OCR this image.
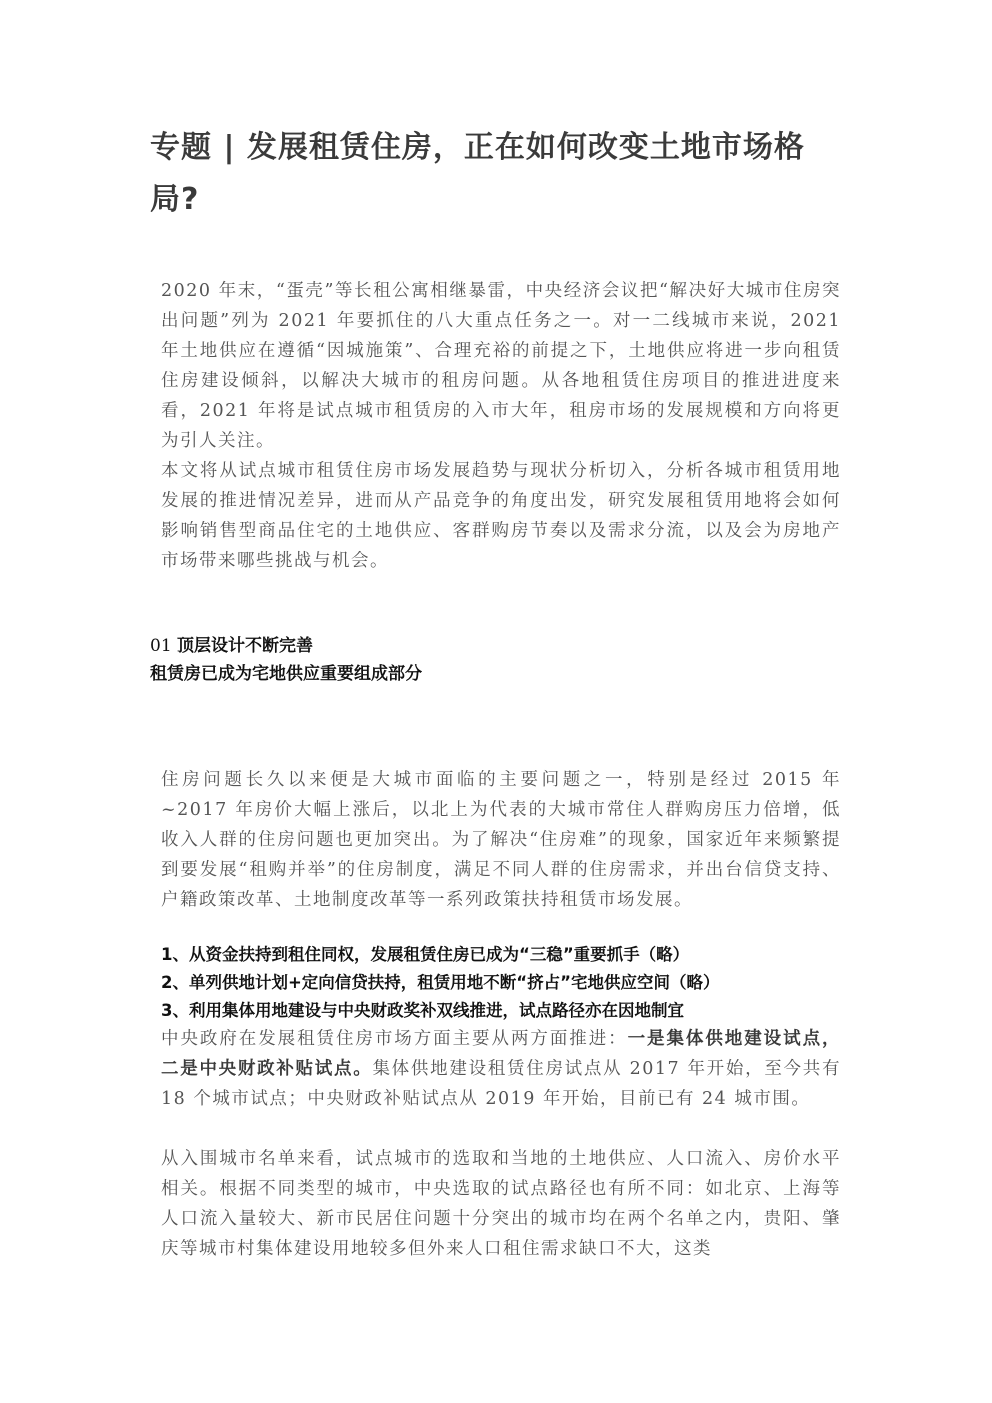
专题 | 发展租赁住房，正在如何改变土地市场格局?

2020 年末，“蛋壳”等长租公寓相继暴雷，中央经济会议把“解决好大城市住房突出问题”列为 2021 年要抓住的八大重点任务之一。对一二线城市来说，2021 年土地供应在遵循“因城施策”、合理充裕的前提之下，土地供应将进一步向租赁住房建设倾斜，以解决大城市的租房问题。从各地租赁住房项目的推进进度来看，2021 年将是试点城市租赁房的入市大年，租房市场的发展规模和方向将更为引人关注。

本文将从试点城市租赁住房市场发展趋势与现状分析切入，分析各城市租赁用地发展的推进情况差异，进而从产品竞争的角度出发，研究发展租赁用地将会如何影响销售型商品住宅的土地供应、客群购房节奏以及需求分流，以及会为房地产市场带来哪些挑战与机会。

01 顶层设计不断完善
租赁房已成为宅地供应重要组成部分

住房问题长久以来便是大城市面临的主要问题之一，特别是经过 2015 年~2017 年房价大幅上涨后，以北上为代表的大城市常住人群购房压力倍增，低收入人群的住房问题也更加突出。为了解决“住房难”的现象，国家近年来频繁提到要发展“租购并举”的住房制度，满足不同人群的住房需求，并出台信贷支持、户籍政策改革、土地制度改革等一系列政策扶持租赁市场发展。

1、从资金扶持到租住同权，发展租赁住房已成为“三稳”重要抓手（略）
2、单列供地计划+定向信贷扶持，租赁用地不断“挤占”宅地供应空间（略）
3、利用集体用地建设与中央财政奖补双线推进，试点路径亦在因地制宜

中央政府在发展租赁住房市场方面主要从两方面推进：一是集体供地建设试点，二是中央财政补贴试点。集体供地建设租赁住房试点从 2017 年开始，至今共有 18 个城市试点；中央财政补贴试点从 2019 年开始，目前已有 24 城市围。

从入围城市名单来看，试点城市的选取和当地的土地供应、人口流入、房价水平相关。根据不同类型的城市，中央选取的试点路径也有所不同：如北京、上海等人口流入量较大、新市民居住问题十分突出的城市均在两个名单之内，贵阳、肇庆等城市村集体建设用地较多但外来人口租住需求缺口不大，这类
